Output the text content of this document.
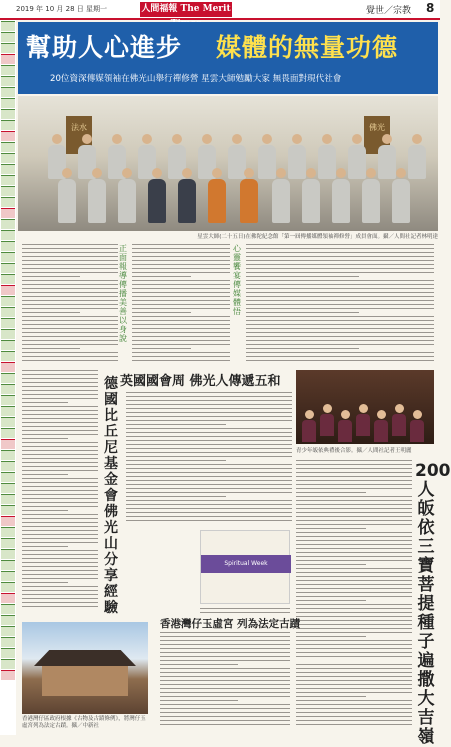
2019 年 10 月 28 日 星期一	人間福報 The Merit	覺世／宗教 8
幫助人心進步 媒體的無量功德
20位資深傳媒領袖在佛光山舉行禪修營 星雲大師勉勵大家 無畏面對現代社會
法水	佛光
星雲大師(二十五日)在佛陀紀念館「第一屆傳播媒體領袖禪修營」成員會面。攝／人間社記者林明達
心
靈
饗
宴
傳
媒
體
悟
正
面
報
導
傳
播
美
善
以
身
說
英國國會周 佛光人傳遞五和
青少年皈依典禮後合影。攝／人間社記者王明麗
200
人
皈
依
三
寶
菩
提
種
子
遍
撒
大
吉
嶺
德
國
比
丘
尼
基
金
會
佛
光
山
分
享
經
驗
Spiritual Week
香港灣仔玉虛宮 列為法定古蹟
香港灣仔區政府根據《古物及古蹟條例》，將灣仔玉虛宮列為法定古蹟。攝／中新社
